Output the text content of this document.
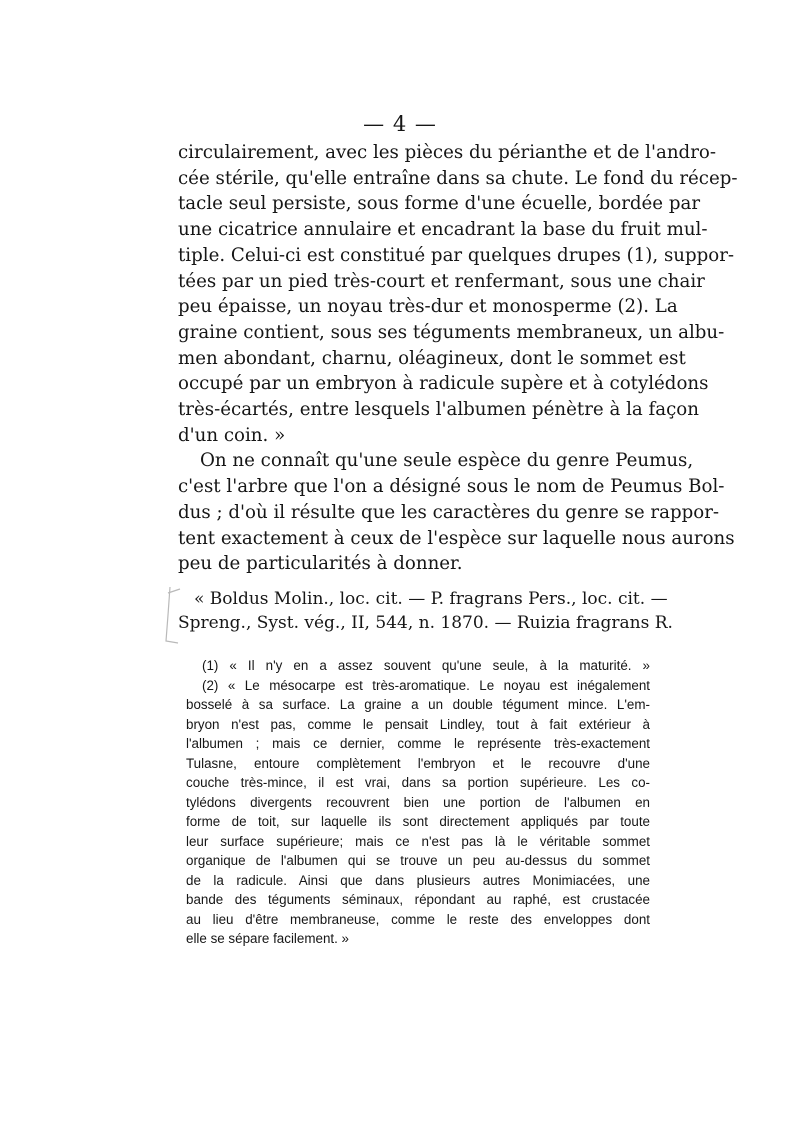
— 4 —
circulairement, avec les pièces du périanthe et de l'andro-
cée stérile, qu'elle entraîne dans sa chute. Le fond du récep-
tacle seul persiste, sous forme d'une écuelle, bordée par
une cicatrice annulaire et encadrant la base du fruit mul-
tiple. Celui-ci est constitué par quelques drupes (1), suppor-
tées par un pied très-court et renfermant, sous une chair
peu épaisse, un noyau très-dur et monosperme (2). La
graine contient, sous ses téguments membraneux, un albu-
men abondant, charnu, oléagineux, dont le sommet est
occupé par un embryon à radicule supère et à cotylédons
très-écartés, entre lesquels l'albumen pénètre à la façon
d'un coin. »
On ne connaît qu'une seule espèce du genre Peumus,
c'est l'arbre que l'on a désigné sous le nom de Peumus Bol-
dus ; d'où il résulte que les caractères du genre se rappor-
tent exactement à ceux de l'espèce sur laquelle nous aurons
peu de particularités à donner.
« Boldus Molin., loc. cit. — P. fragrans Pers., loc. cit. —
Spreng., Syst. vég., II, 544, n. 1870. — Ruizia fragrans R.
(1) « Il n'y en a assez souvent qu'une seule, à la maturité. »
(2) « Le mésocarpe est très-aromatique. Le noyau est inégalement
bosselé à sa surface. La graine a un double tégument mince. L'em-
bryon n'est pas, comme le pensait Lindley, tout à fait extérieur à
l'albumen ; mais ce dernier, comme le représente très-exactement
Tulasne, entoure complètement l'embryon et le recouvre d'une
couche très-mince, il est vrai, dans sa portion supérieure. Les co-
tylédons divergents recouvrent bien une portion de l'albumen en
forme de toit, sur laquelle ils sont directement appliqués par toute
leur surface supérieure; mais ce n'est pas là le véritable sommet
organique de l'albumen qui se trouve un peu au-dessus du sommet
de la radicule. Ainsi que dans plusieurs autres Monimiacées, une
bande des téguments séminaux, répondant au raphé, est crustacée
au lieu d'être membraneuse, comme le reste des enveloppes dont
elle se sépare facilement. »
